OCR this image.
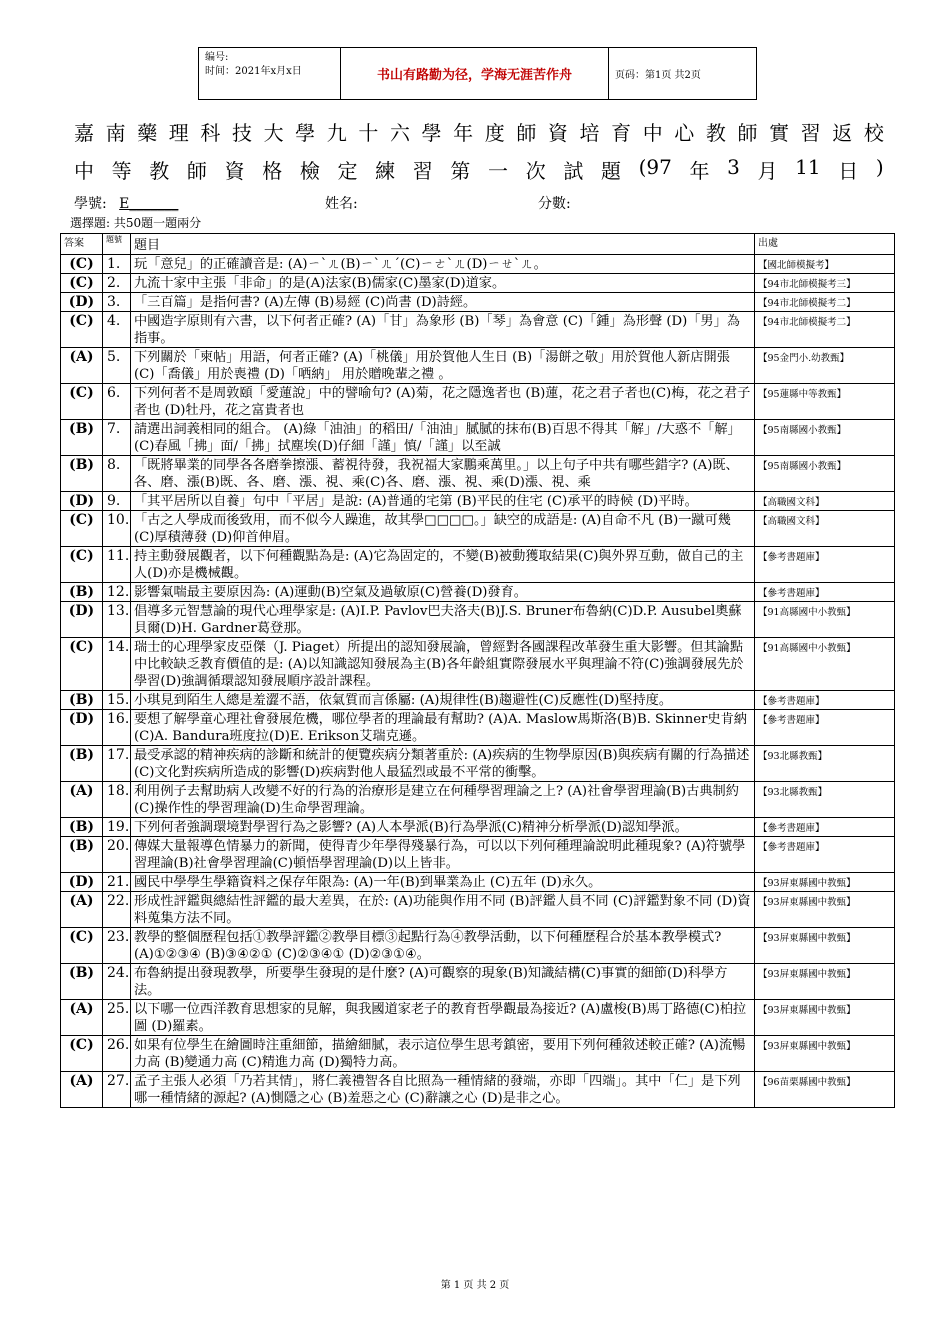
编号:
时间：2021年x月x日	书山有路勤为径，学海无涯苦作舟	页码：第1页 共2页
嘉 南 藥 理 科 技 大 學 九 十 六 學 年 度 師 資 培 育 中 心 教 師 實 習 返 校
中 等 教 師 資 格 檢 定 練 習 第 一 次 試 題 (97 年 3 月 11 日 )
學號: E_______	姓名:	分數:
選擇題: 共50題一題兩分
答案	題號	題目	出處
(C)	1.	玩「意兒」的正確讀音是: (A)ㄧˋㄦ(B)ㄧˋㄦˊ(C)ㄧㄜˋㄦ(D)ㄧㄝˋㄦ。	【國北師模擬考】
(C)	2.	九流十家中主張「非命」的是(A)法家(B)儒家(C)墨家(D)道家。	【94市北師模擬考三】
(D)	3.	「三百篇」是指何書? (A)左傳 (B)易經 (C)尚書 (D)詩經。	【94市北師模擬考二】
(C)	4.	中國造字原則有六書，以下何者正確? (A)「甘」為象形 (B)「琴」為會意 (C)「鍾」為形聲 (D)「男」為指事。	【94市北師模擬考二】
(A)	5.	下列關於「柬帖」用語，何者正確? (A)「桃儀」用於賀他人生日 (B)「湯餅之敬」用於賀他人新店開張 (C)「喬儀」用於喪禮 (D)「哂納」 用於贈晚輩之禮 。	【95金門小.幼教甄】
(C)	6.	下列何者不是周敦頤「愛蓮說」中的譬喻句? (A)菊，花之隱逸者也 (B)蓮，花之君子者也(C)梅，花之君子者也 (D)牡丹，花之富貴者也	【95蓮縣中等教甄】
(B)	7.	請選出詞義相同的組合。 (A)綠「油油」的稻田/「油油」膩膩的抹布(B)百思不得其「解」/大惑不「解」(C)春風「拂」面/「拂」拭塵埃(D)仔細「謹」慎/「謹」以至誠	【95南縣國小教甄】
(B)	8.	「既將畢業的同學各各磨拳擦漲、蓄視待發，我祝福大家鵬乘萬里。」以上句子中共有哪些錯字? (A)既、各、磨、漲(B)既、各、磨、漲、視、乘(C)各、磨、漲、視、乘(D)漲、視、乘	【95南縣國小教甄】
(D)	9.	「其平居所以自養」句中「平居」是說: (A)普通的宅第 (B)平民的住宅 (C)承平的時候 (D)平時。	【高職國文科】
(C)	10.	「古之人學成而後致用，而不似今人躁進，故其學□□□□。」缺空的成語是: (A)自命不凡 (B)一蹴可幾 (C)厚積薄發 (D)仰首伸眉。	【高職國文科】
(C)	11.	持主動發展觀者，以下何種觀點為是: (A)它為固定的，不變(B)被動獲取結果(C)與外界互動，做自己的主人(D)亦是機械觀。	【參考書題庫】
(B)	12.	影響氣喘最主要原因為: (A)運動(B)空氣及過敏原(C)營養(D)發育。	【參考書題庫】
(D)	13.	倡導多元智慧論的現代心理學家是: (A)I.P. Pavlov巴夫洛夫(B)J.S. Bruner布魯納(C)D.P. Ausubel奧蘇貝爾(D)H. Gardner葛登那。	【91高縣國中小教甄】
(C)	14.	瑞士的心理學家皮亞傑（J. Piaget）所提出的認知發展論，曾經對各國課程改革發生重大影響。但其論點中比較缺乏教育價值的是: (A)以知識認知發展為主(B)各年齡組實際發展水平與理論不符(C)強調發展先於學習(D)強調循環認知發展順序設計課程。	【91高縣國中小教甄】
(B)	15.	小琪見到陌生人總是羞澀不語，依氣質而言係屬: (A)規律性(B)趨避性(C)反應性(D)堅持度。	【參考書題庫】
(D)	16.	要想了解學童心理社會發展危機，哪位學者的理論最有幫助? (A)A. Maslow馬斯洛(B)B. Skinner史肯納(C)A. Bandura班度拉(D)E. Erikson艾瑞克遜。	【參考書題庫】
(B)	17.	最受承認的精神疾病的診斷和統計的便覽疾病分類著重於: (A)疾病的生物學原因(B)與疾病有關的行為描述(C)文化對疾病所造成的影響(D)疾病對他人最猛烈或最不平常的衝擊。	【93北縣教甄】
(A)	18.	利用例子去幫助病人改變不好的行為的治療形是建立在何種學習理論之上? (A)社會學習理論(B)古典制約(C)操作性的學習理論(D)生命學習理論。	【93北縣教甄】
(B)	19.	下列何者強調環境對學習行為之影響? (A)人本學派(B)行為學派(C)精神分析學派(D)認知學派。	【參考書題庫】
(B)	20.	傳媒大量報導色情暴力的新聞，使得青少年學得殘暴行為，可以以下列何種理論說明此種現象? (A)符號學習理論(B)社會學習理論(C)頓悟學習理論(D)以上皆非。	【參考書題庫】
(D)	21.	國民中學學生學籍資料之保存年限為: (A)一年(B)到畢業為止 (C)五年 (D)永久。	【93屏東縣國中教甄】
(A)	22.	形成性評鑑與總結性評鑑的最大差異，在於: (A)功能與作用不同 (B)評鑑人員不同 (C)評鑑對象不同 (D)資料蒐集方法不同。	【93屏東縣國中教甄】
(C)	23.	教學的整個歷程包括①教學評鑑②教學目標③起點行為④教學活動，以下何種歷程合於基本教學模式? (A)①②③④ (B)③④②① (C)②③④① (D)②③①④。	【93屏東縣國中教甄】
(B)	24.	布魯納提出發現教學，所要學生發現的是什麼? (A)可觀察的現象(B)知識結構(C)事實的細節(D)科學方法。	【93屏東縣國中教甄】
(A)	25.	以下哪一位西洋教育思想家的見解，與我國道家老子的教育哲學觀最為接近? (A)盧梭(B)馬丁路德(C)柏拉圖 (D)羅素。	【93屏東縣國中教甄】
(C)	26.	如果有位學生在繪圖時注重細節，描繪細膩，表示這位學生思考鎮密，要用下列何種敘述較正確? (A)流暢力高 (B)變通力高 (C)精進力高 (D)獨特力高。	【93屏東縣國中教甄】
(A)	27.	孟子主張人必須「乃若其情」，將仁義禮智各自比照為一種情緒的發端，亦即「四端」。其中「仁」是下列哪一種情緒的源起? (A)惻隱之心 (B)羞惡之心 (C)辭讓之心 (D)是非之心。	【96苗栗縣國中教甄】
第 1 页 共 2 页
